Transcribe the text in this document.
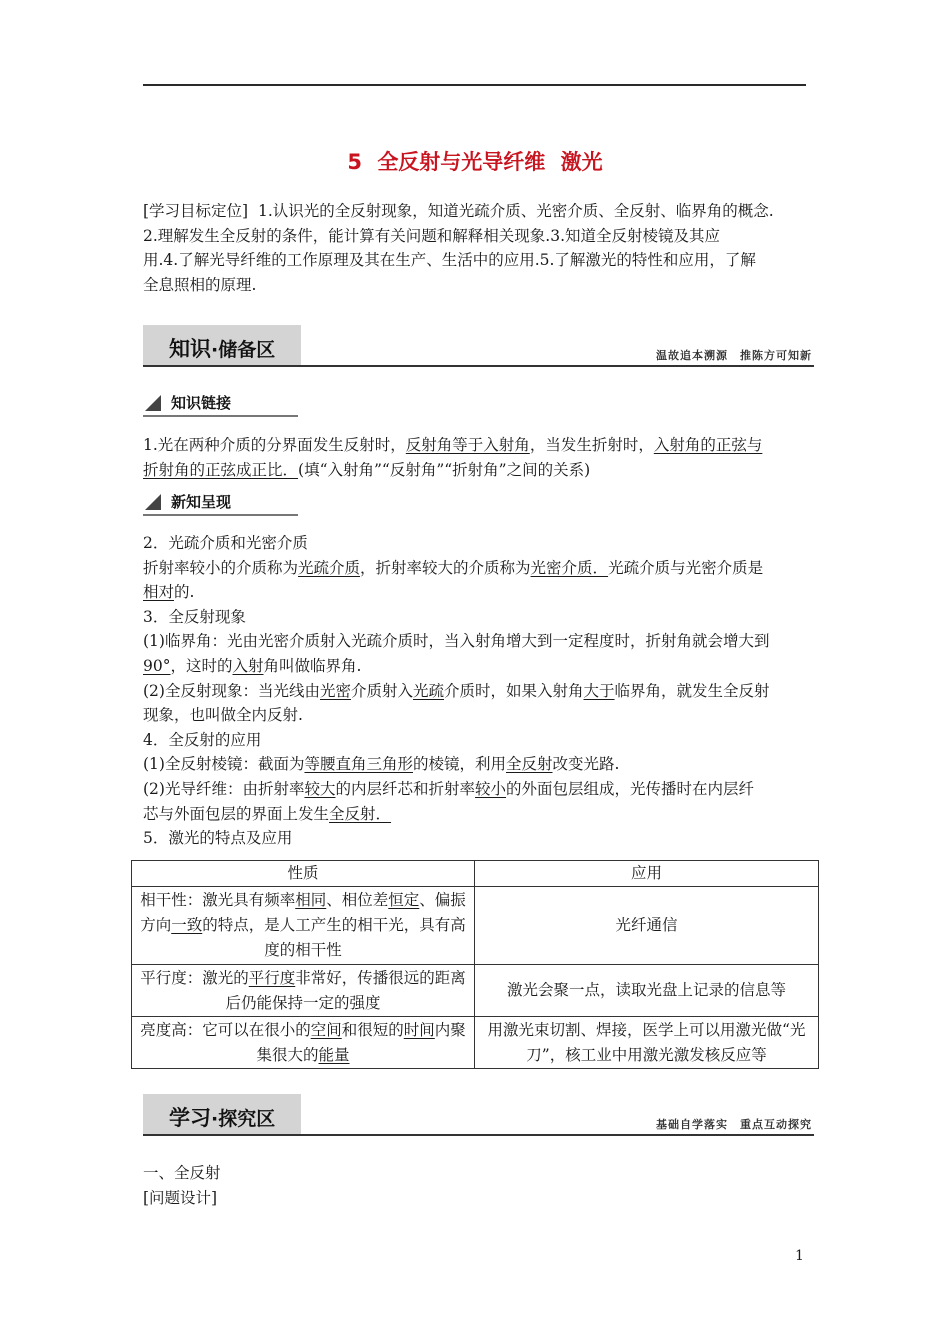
5 全反射与光导纤维 激光

[学习目标定位] 1.认识光的全反射现象，知道光疏介质、光密介质、全反射、临界角的概念.

2.理解发生全反射的条件，能计算有关问题和解释相关现象.3.知道全反射棱镜及其应

用.4.了解光导纤维的工作原理及其在生产、生活中的应用.5.了解激光的特性和应用，了解

全息照相的原理.

知识·储备区	温故追本溯源　推陈方可知新
知识链接

1.光在两种介质的分界面发生反射时，反射角等于入射角，当发生折射时，入射角的正弦与

折射角的正弦成正比．(填“入射角”“反射角”“折射角”之间的关系)

新知呈现

2．光疏介质和光密介质

折射率较小的介质称为光疏介质，折射率较大的介质称为光密介质．光疏介质与光密介质是

相对的.

3．全反射现象

(1)临界角：光由光密介质射入光疏介质时，当入射角增大到一定程度时，折射角就会增大到

90°，这时的入射角叫做临界角.

(2)全反射现象：当光线由光密介质射入光疏介质时，如果入射角大于临界角，就发生全反射

现象，也叫做全内反射.

4．全反射的应用

(1)全反射棱镜：截面为等腰直角三角形的棱镜，利用全反射改变光路.

(2)光导纤维：由折射率较大的内层纤芯和折射率较小的外面包层组成，光传播时在内层纤

芯与外面包层的界面上发生全反射．

5．激光的特点及应用

性质	应用
相干性：激光具有频率相同、相位差恒定、偏振方向一致的特点，是人工产生的相干光，具有高度的相干性	光纤通信
平行度：激光的平行度非常好，传播很远的距离后仍能保持一定的强度	激光会聚一点，读取光盘上记录的信息等
亮度高：它可以在很小的空间和很短的时间内聚集很大的能量	用激光束切割、焊接，医学上可以用激光做“光刀”，核工业中用激光激发核反应等
学习·探究区	基础自学落实　重点互动探究

一、全反射

[问题设计]

1
